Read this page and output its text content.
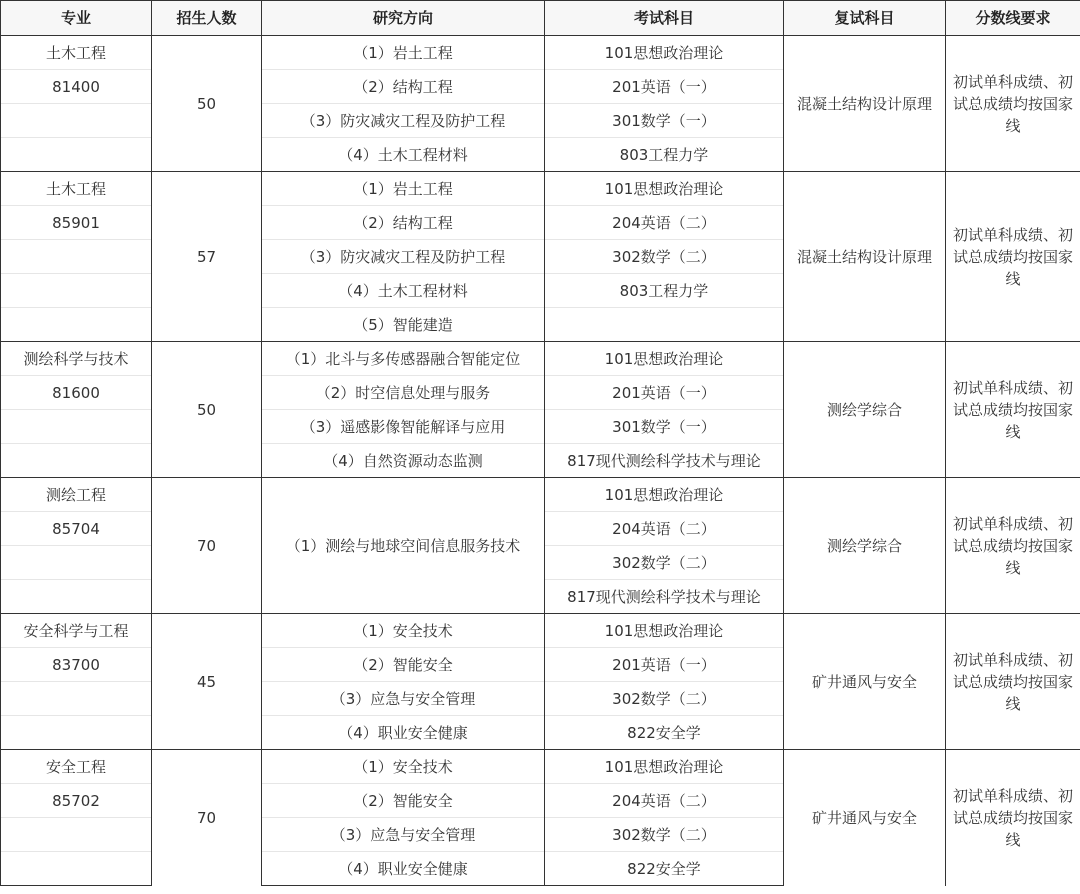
专业	招生人数	研究方向	考试科目	复试科目	分数线要求
土木工程	50	（1）岩土工程	101思想政治理论	混凝土结构设计原理	初试单科成绩、初试总成绩均按国家线
81400		（2）结构工程	201英语（一）		
		（3）防灾减灾工程及防护工程	301数学（一）		
		（4）土木工程材料	803工程力学		
土木工程	57	（1）岩土工程	101思想政治理论	混凝土结构设计原理	初试单科成绩、初试总成绩均按国家线
85901		（2）结构工程	204英语（二）		
		（3）防灾减灾工程及防护工程	302数学（二）		
		（4）土木工程材料	803工程力学		
		（5）智能建造			
测绘科学与技术	50	（1）北斗与多传感器融合智能定位	101思想政治理论	测绘学综合	初试单科成绩、初试总成绩均按国家线
81600		（2）时空信息处理与服务	201英语（一）		
		（3）遥感影像智能解译与应用	301数学（一）		
		（4）自然资源动态监测	817现代测绘科学技术与理论		
测绘工程	70	（1）测绘与地球空间信息服务技术	101思想政治理论	测绘学综合	初试单科成绩、初试总成绩均按国家线
85704			204英语（二）		
			302数学（二）		
			817现代测绘科学技术与理论		
安全科学与工程	45	（1）安全技术	101思想政治理论	矿井通风与安全	初试单科成绩、初试总成绩均按国家线
83700		（2）智能安全	201英语（一）		
		（3）应急与安全管理	302数学（二）		
		（4）职业安全健康	822安全学		
安全工程	70	（1）安全技术	101思想政治理论	矿井通风与安全	初试单科成绩、初试总成绩均按国家线
85702		（2）智能安全	204英语（二）		
		（3）应急与安全管理	302数学（二）		
		（4）职业安全健康	822安全学		
